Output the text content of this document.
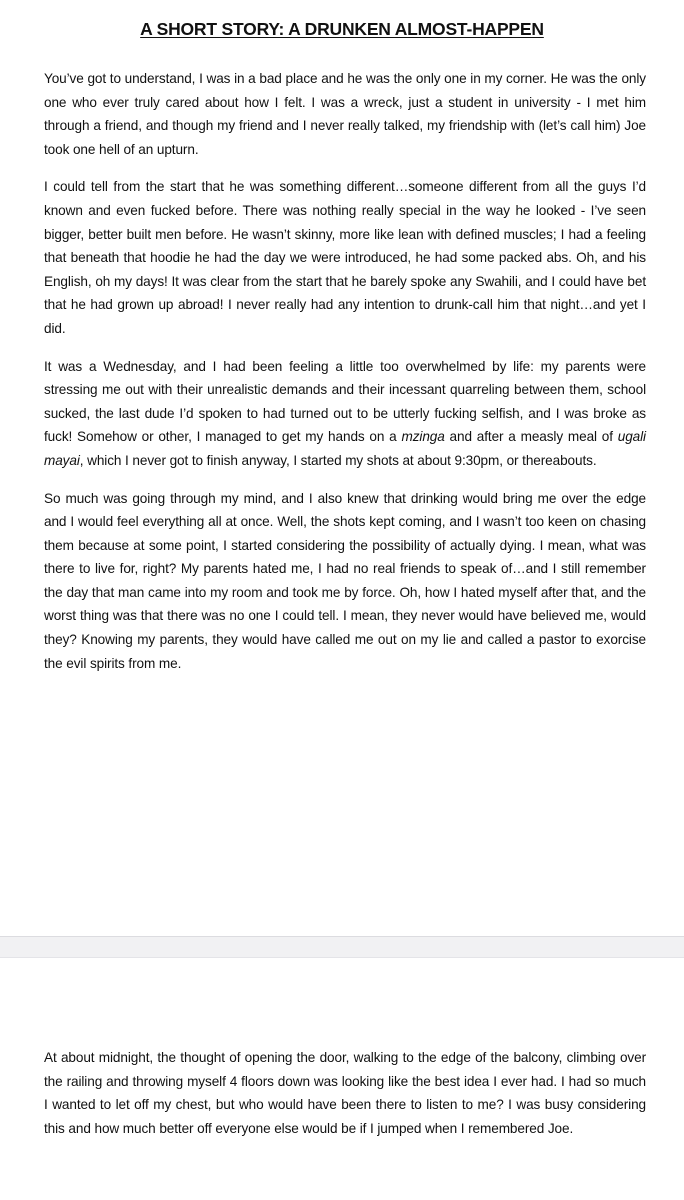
A SHORT STORY: A DRUNKEN ALMOST-HAPPEN

You’ve got to understand, I was in a bad place and he was the only one in my corner. He was the only one who ever truly cared about how I felt. I was a wreck, just a student in university - I met him through a friend, and though my friend and I never really talked, my friendship with (let’s call him) Joe took one hell of an upturn.

I could tell from the start that he was something different…someone different from all the guys I’d known and even fucked before. There was nothing really special in the way he looked - I’ve seen bigger, better built men before. He wasn’t skinny, more like lean with defined muscles; I had a feeling that beneath that hoodie he had the day we were introduced, he had some packed abs. Oh, and his English, oh my days! It was clear from the start that he barely spoke any Swahili, and I could have bet that he had grown up abroad! I never really had any intention to drunk-call him that night…and yet I did.

It was a Wednesday, and I had been feeling a little too overwhelmed by life: my parents were stressing me out with their unrealistic demands and their incessant quarreling between them, school sucked, the last dude I’d spoken to had turned out to be utterly fucking selfish, and I was broke as fuck! Somehow or other, I managed to get my hands on a mzinga and after a measly meal of ugali mayai, which I never got to finish anyway, I started my shots at about 9:30pm, or thereabouts.

So much was going through my mind, and I also knew that drinking would bring me over the edge and I would feel everything all at once. Well, the shots kept coming, and I wasn’t too keen on chasing them because at some point, I started considering the possibility of actually dying. I mean, what was there to live for, right? My parents hated me, I had no real friends to speak of…and I still remember the day that man came into my room and took me by force. Oh, how I hated myself after that, and the worst thing was that there was no one I could tell. I mean, they never would have believed me, would they? Knowing my parents, they would have called me out on my lie and called a pastor to exorcise the evil spirits from me.

At about midnight, the thought of opening the door, walking to the edge of the balcony, climbing over the railing and throwing myself 4 floors down was looking like the best idea I ever had. I had so much I wanted to let off my chest, but who would have been there to listen to me? I was busy considering this and how much better off everyone else would be if I jumped when I remembered Joe.
